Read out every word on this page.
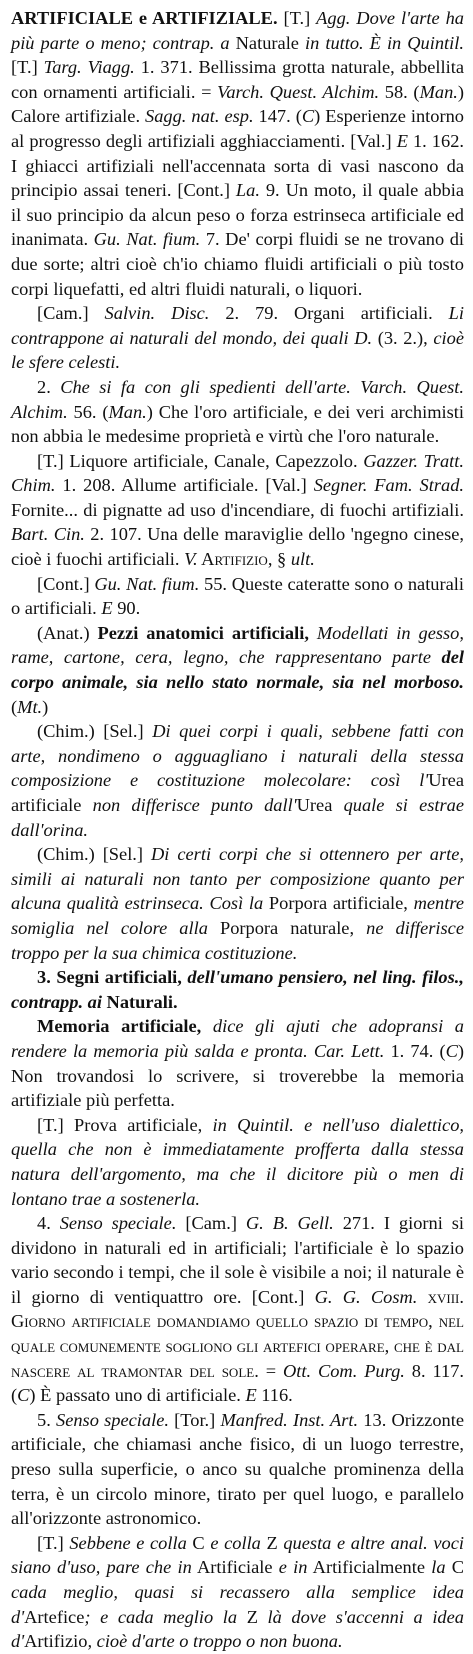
ARTIFICIALE e ARTIFIZIALE. [T.] Agg. Dove l'arte ha più parte o meno; contrap. a Naturale in tutto. È in Quintil. [T.] Targ. Viagg. 1. 371. Bellissima grotta naturale, abbellita con ornamenti artificiali. = Varch. Quest. Alchim. 58. (Man.) Calore artifiziale. Sagg. nat. esp. 147. (C) Esperienze intorno al progresso degli artifiziali agghiacciamenti. [Val.] E 1. 162. I ghiacci artifiziali nell'accennata sorta di vasi nascono da principio assai teneri. [Cont.] La. 9. Un moto, il quale abbia il suo principio da alcun peso o forza estrinseca artificiale ed inanimata. Gu. Nat. fium. 7. De' corpi fluidi se ne trovano di due sorte; altri cioè ch'io chiamo fluidi artificiali o più tosto corpi liquefatti, ed altri fluidi naturali, o liquori.

[Cam.] Salvin. Disc. 2. 79. Organi artificiali. Li contrappone ai naturali del mondo, dei quali D. (3. 2.), cioè le sfere celesti.

2. Che si fa con gli spedienti dell'arte. Varch. Quest. Alchim. 56. (Man.) Che l'oro artificiale, e dei veri archimisti non abbia le medesime proprietà e virtù che l'oro naturale.

[T.] Liquore artificiale, Canale, Capezzolo. Gazzer. Tratt. Chim. 1. 208. Allume artificiale. [Val.] Segner. Fam. Strad. Fornite... di pignatte ad uso d'incendiare, di fuochi artifiziali. Bart. Cin. 2. 107. Una delle maraviglie dello 'ngegno cinese, cioè i fuochi artificiali. V. Artifizio, § ult.

[Cont.] Gu. Nat. fium. 55. Queste cateratte sono o naturali o artificiali. E 90.

(Anat.) Pezzi anatomici artificiali, Modellati in gesso, rame, cartone, cera, legno, che rappresentano parte del corpo animale, sia nello stato normale, sia nel morboso. (Mt.)

(Chim.) [Sel.] Di quei corpi i quali, sebbene fatti con arte, nondimeno o agguagliano i naturali della stessa composizione e costituzione molecolare: così l'Urea artificiale non differisce punto dall'Urea quale si estrae dall'orina.

(Chim.) [Sel.] Di certi corpi che si ottennero per arte, simili ai naturali non tanto per composizione quanto per alcuna qualità estrinseca. Così la Porpora artificiale, mentre somiglia nel colore alla Porpora naturale, ne differisce troppo per la sua chimica costituzione.

3. Segni artificiali, dell'umano pensiero, nel ling. filos., contrapp. ai Naturali.

Memoria artificiale, dice gli ajuti che adopransi a rendere la memoria più salda e pronta. Car. Lett. 1. 74. (C) Non trovandosi lo scrivere, si troverebbe la memoria artifiziale più perfetta.

[T.] Prova artificiale, in Quintil. e nell'uso dialettico, quella che non è immediatamente profferta dalla stessa natura dell'argomento, ma che il dicitore più o men di lontano trae a sostenerla.

4. Senso speciale. [Cam.] G. B. Gell. 271. I giorni si dividono in naturali ed in artificiali; l'artificiale è lo spazio vario secondo i tempi, che il sole è visibile a noi; il naturale è il giorno di ventiquattro ore. [Cont.] G. G. Cosm. xviii. Giorno artificiale domandiamo quello spazio di tempo, nel quale comunemente sogliono gli artefici operare, che è dal nascere al tramontar del sole. = Ott. Com. Purg. 8. 117. (C) È passato uno di artificiale. E 116.

5. Senso speciale. [Tor.] Manfred. Inst. Art. 13. Orizzonte artificiale, che chiamasi anche fisico, di un luogo terrestre, preso sulla superficie, o anco su qualche prominenza della terra, è un circolo minore, tirato per quel luogo, e parallelo all'orizzonte astronomico.

[T.] Sebbene e colla C e colla Z questa e altre anal. voci siano d'uso, pare che in Artificiale e in Artificialmente la C cada meglio, quasi si recassero alla semplice idea d'Artefice; e cada meglio la Z là dove s'accenni a idea d'Artifizio, cioè d'arte o troppo o non buona.
